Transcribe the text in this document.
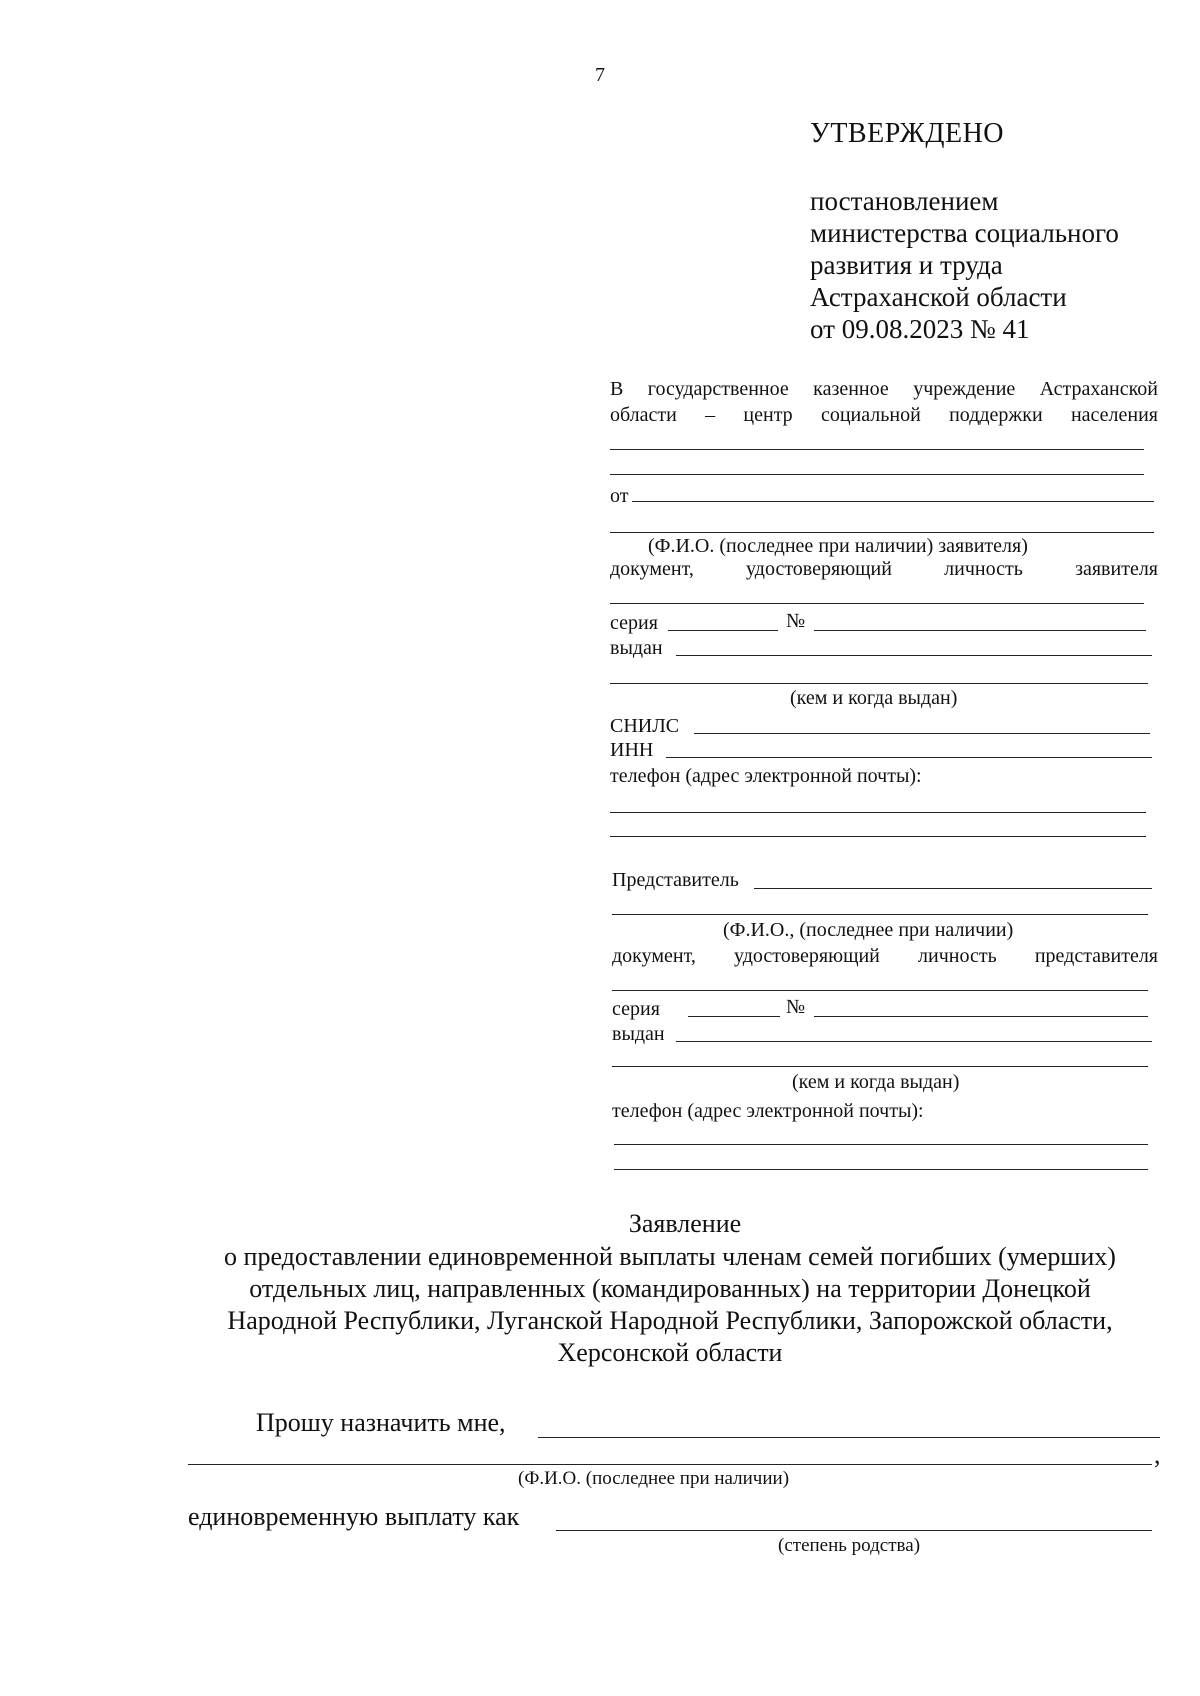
7
УТВЕРЖДЕНО
постановлением
министерства социального
развития и труда
Астраханской области
от 09.08.2023 № 41
В государственное казенное учреждение Астраханской
области – центр социальной поддержки населения
от
(Ф.И.О. (последнее при наличии) заявителя)
документ, удостоверяющий личность заявителя
серия	№
выдан
(кем и когда выдан)
СНИЛС
ИНН
телефон (адрес электронной почты):
Представитель
(Ф.И.О., (последнее при наличии)
документ, удостоверяющий личность представителя
серия	№
выдан
(кем и когда выдан)
телефон (адрес электронной почты):
Заявление
о предоставлении единовременной выплаты членам семей погибших (умерших)
отдельных лиц, направленных (командированных) на территории Донецкой
Народной Республики, Луганской Народной Республики, Запорожской области,
Херсонской области
Прошу назначить мне,
,
(Ф.И.О. (последнее при наличии)
единовременную выплату как
(степень родства)
